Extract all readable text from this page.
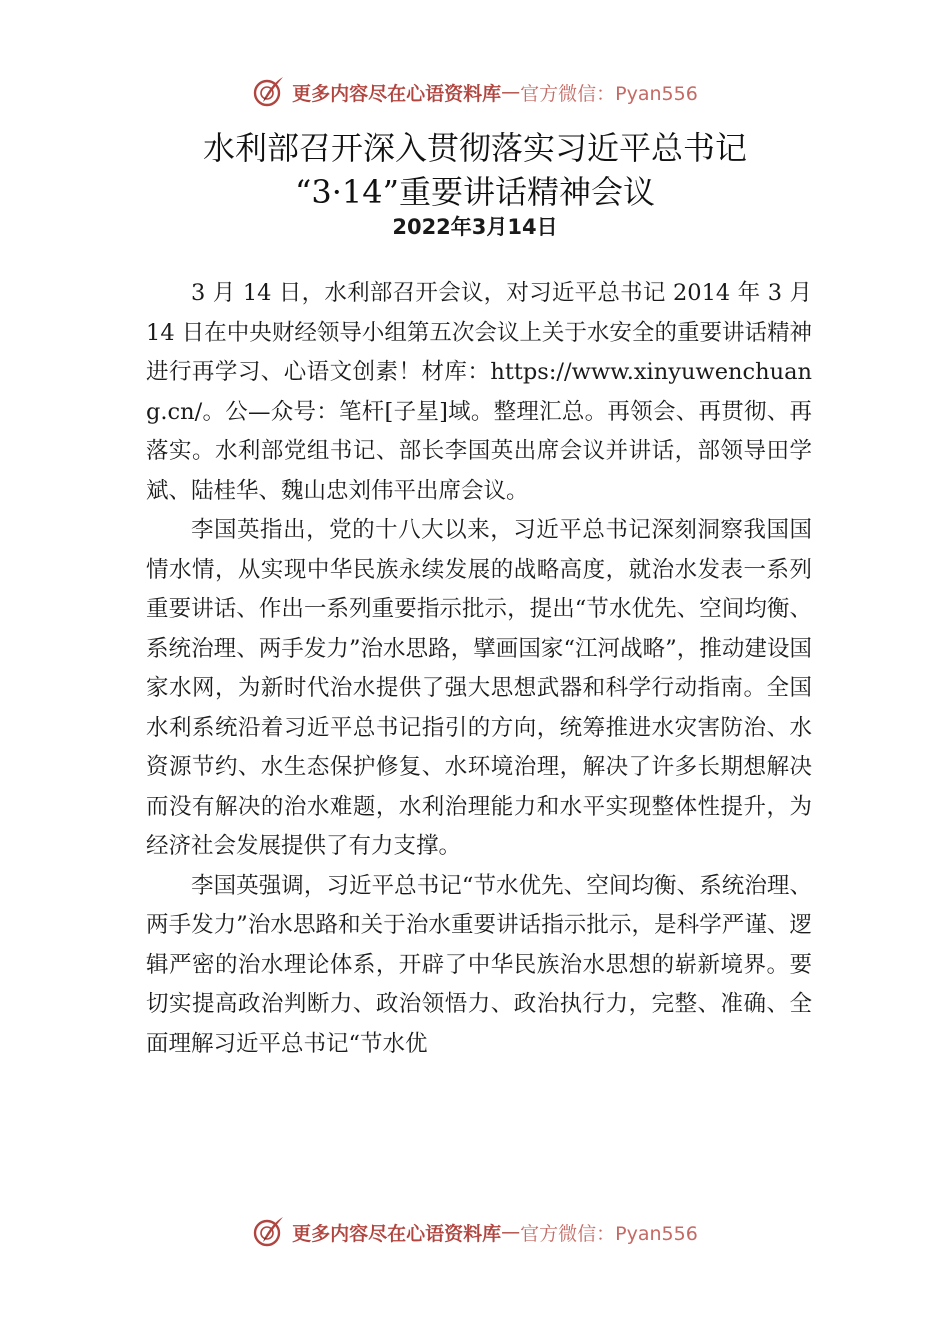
更多内容尽在心语资料库 — 官方微信：Pyan556
水利部召开深入贯彻落实习近平总书记
“3·14”重要讲话精神会议
2022年3月14日

3 月 14 日，水利部召开会议，对习近平总书记 2014 年 3 月 14 日在中央财经领导小组第五次会议上关于水安全的重要讲话精神进行再学习、心语文创素！材库：https://www.xinyuwenchuang.cn/。公—众号：笔杆[子星]域。整理汇总。再领会、再贯彻、再落实。水利部党组书记、部长李国英出席会议并讲话，部领导田学斌、陆桂华、魏山忠刘伟平出席会议。

李国英指出，党的十八大以来，习近平总书记深刻洞察我国国情水情，从实现中华民族永续发展的战略高度，就治水发表一系列重要讲话、作出一系列重要指示批示，提出“节水优先、空间均衡、系统治理、两手发力”治水思路，擘画国家“江河战略”，推动建设国家水网，为新时代治水提供了强大思想武器和科学行动指南。全国水利系统沿着习近平总书记指引的方向，统筹推进水灾害防治、水资源节约、水生态保护修复、水环境治理，解决了许多长期想解决而没有解决的治水难题，水利治理能力和水平实现整体性提升，为经济社会发展提供了有力支撑。

李国英强调，习近平总书记“节水优先、空间均衡、系统治理、两手发力”治水思路和关于治水重要讲话指示批示，是科学严谨、逻辑严密的治水理论体系，开辟了中华民族治水思想的崭新境界。要切实提高政治判断力、政治领悟力、政治执行力，完整、准确、全面理解习近平总书记“节水优

更多内容尽在心语资料库 — 官方微信：Pyan556
